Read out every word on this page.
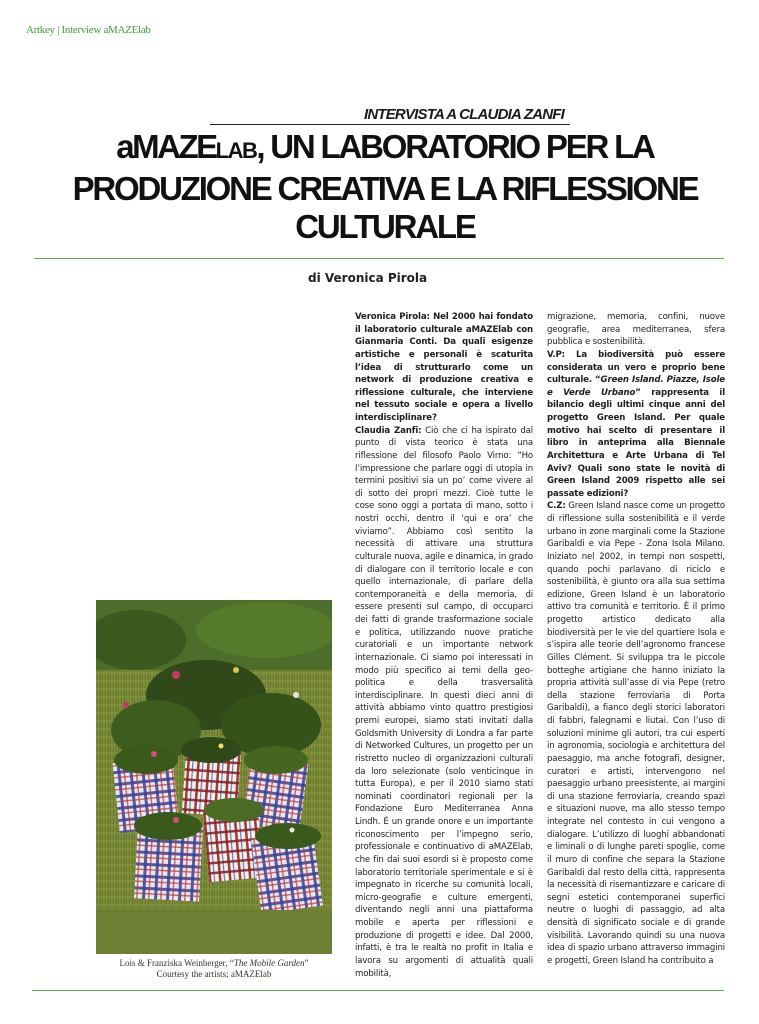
Artkey | Interview aMAZElab
INTERVISTA A CLAUDIA ZANFI
aMAZELAB, UN LABORATORIO PER LA
PRODUZIONE CREATIVA E LA RIFLESSIONE
CULTURALE
di Veronica Pirola

Veronica Pirola: Nel 2000 hai fondato il laboratorio culturale aMAZElab con Gianmaria Conti. Da quali esigenze artistiche e personali è scaturita l’idea di strutturarlo come un network di produzione creativa e riflessione culturale, che interviene nel tessuto sociale e opera a livello interdisciplinare?

Claudia Zanfi: Ciò che ci ha ispirato dal punto di vista teorico è stata una riflessione del filosofo Paolo Virno: “Ho l’impressione che parlare oggi di utopia in termini positivi sia un po’ come vivere al di sotto dei propri mezzi. Cioè tutte le cose sono oggi a portata di mano, sotto i nostri occhi, dentro il ‘qui e ora’ che viviamo”. Abbiamo così sentito la necessità di attivare una struttura culturale nuova, agile e dinamica, in grado di dialogare con il territorio locale e con quello internazionale, di parlare della contemporaneità e della memoria, di essere presenti sul campo, di occuparci dei fatti di grande trasformazione sociale e politica, utilizzando nuove pratiche curatoriali e un importante network internazionale. Ci siamo poi interessati in modo più specifico ai temi della geo-politica e della trasversalità interdisciplinare. In questi dieci anni di attività abbiamo vinto quattro prestigiosi premi europei, siamo stati invitati dalla Goldsmith University di Londra a far parte di Networked Cultures, un progetto per un ristretto nucleo di organizzazioni culturali da loro selezionate (solo venticinque in tutta Europa), e per il 2010 siamo stati nominati coordinatori regionali per la Fondazione Euro Mediterranea Anna Lindh. È un grande onore e un importante riconoscimento per l’impegno serio, professionale e continuativo di aMAZElab, che fin dai suoi esordi si è proposto come laboratorio territoriale sperimentale e si è impegnato in ricerche su comunità locali, micro-geografie e culture emergenti, diventando negli anni una piattaforma mobile e aperta per riflessioni e produzione di progetti e idee. Dal 2000, infatti, è tra le realtà no profit in Italia e lavora su argomenti di attualità quali mobilità,

migrazione, memoria, confini, nuove geografie, area mediterranea, sfera pubblica e sostenibilità.

V.P: La biodiversità può essere considerata un vero e proprio bene culturale. “Green Island. Piazze, Isole e Verde Urbano” rappresenta il bilancio degli ultimi cinque anni del progetto Green Island. Per quale motivo hai scelto di presentare il libro in anteprima alla Biennale Architettura e Arte Urbana di Tel Aviv? Quali sono state le novità di Green Island 2009 rispetto alle sei passate edizioni?

C.Z: Green Island nasce come un progetto di riflessione sulla sostenibilità e il verde urbano in zone marginali come la Stazione Garibaldi e via Pepe - Zona Isola Milano. Iniziato nel 2002, in tempi non sospetti, quando pochi parlavano di riciclo e sostenibilità, è giunto ora alla sua settima edizione, Green Island è un laboratorio attivo tra comunità e territorio. È il primo progetto artistico dedicato alla biodiversità per le vie del quartiere Isola e s’ispira alle teorie dell’agronomo francese Gilles Clément. Si sviluppa tra le piccole botteghe artigiane che hanno iniziato la propria attività sull’asse di via Pepe (retro della stazione ferroviaria di Porta Garibaldi), a fianco degli storici laboratori di fabbri, falegnami e liutai. Con l’uso di soluzioni minime gli autori, tra cui esperti in agronomia, sociologia e architettura del paesaggio, ma anche fotografi, designer, curatori e artisti, intervengono nel paesaggio urbano preesistente, ai margini di una stazione ferroviaria, creando spazi e situazioni nuove, ma allo stesso tempo integrate nel contesto in cui vengono a dialogare. L’utilizzo di luoghi abbandonati e liminali o di lunghe pareti spoglie, come il muro di confine che separa la Stazione Garibaldi dal resto della città, rappresenta la necessità di risemantizzare e caricare di segni estetici contemporanei superfici neutre o luoghi di passaggio, ad alta densità di significato sociale e di grande visibilità. Lavorando quindi su una nuova idea di spazio urbano attraverso immagini e progetti, Green Island ha contribuito a

Lois & Franziska Weinberger, “The Mobile Garden”
Courtesy the artists; aMAZElab
